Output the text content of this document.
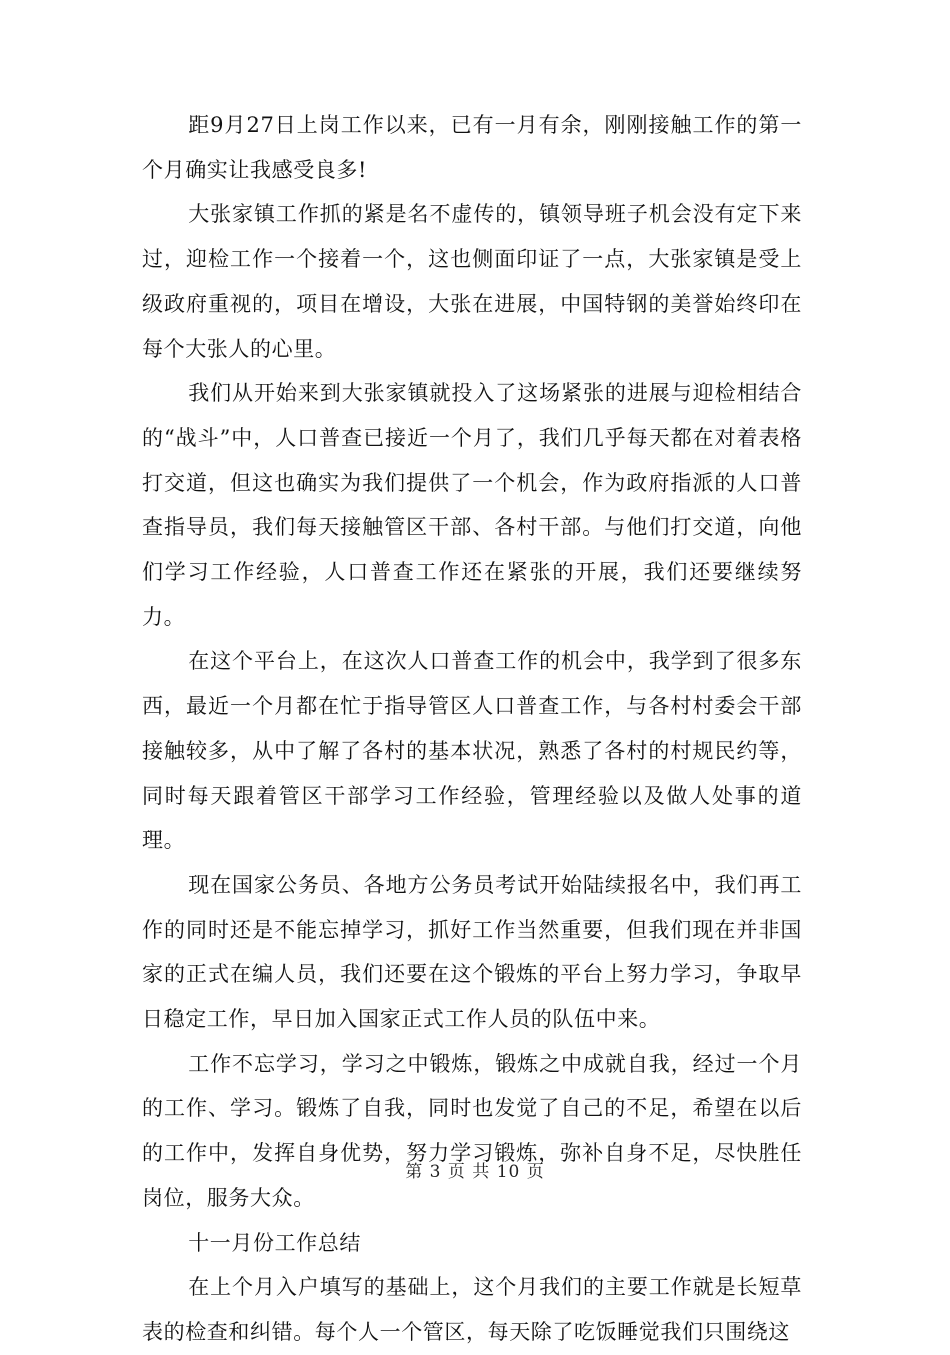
距9月27日上岗工作以来，已有一月有余，刚刚接触工作的第一个月确实让我感受良多!

大张家镇工作抓的紧是名不虚传的，镇领导班子机会没有定下来过，迎检工作一个接着一个，这也侧面印证了一点，大张家镇是受上级政府重视的，项目在增设，大张在进展，中国特钢的美誉始终印在每个大张人的心里。

我们从开始来到大张家镇就投入了这场紧张的进展与迎检相结合的“战斗”中，人口普查已接近一个月了，我们几乎每天都在对着表格打交道，但这也确实为我们提供了一个机会，作为政府指派的人口普查指导员，我们每天接触管区干部、各村干部。与他们打交道，向他们学习工作经验，人口普查工作还在紧张的开展，我们还要继续努力。

在这个平台上，在这次人口普查工作的机会中，我学到了很多东西，最近一个月都在忙于指导管区人口普查工作，与各村村委会干部接触较多，从中了解了各村的基本状况，熟悉了各村的村规民约等，同时每天跟着管区干部学习工作经验，管理经验以及做人处事的道理。

现在国家公务员、各地方公务员考试开始陆续报名中，我们再工作的同时还是不能忘掉学习，抓好工作当然重要，但我们现在并非国家的正式在编人员，我们还要在这个锻炼的平台上努力学习，争取早日稳定工作，早日加入国家正式工作人员的队伍中来。

工作不忘学习，学习之中锻炼，锻炼之中成就自我，经过一个月的工作、学习。锻炼了自我，同时也发觉了自己的不足，希望在以后的工作中，发挥自身优势，努力学习锻炼，弥补自身不足，尽快胜任岗位，服务大众。

十一月份工作总结

在上个月入户填写的基础上，这个月我们的主要工作就是长短草表的检查和纠错。每个人一个管区，每天除了吃饭睡觉我们只围绕这

第 3 页 共 10 页
